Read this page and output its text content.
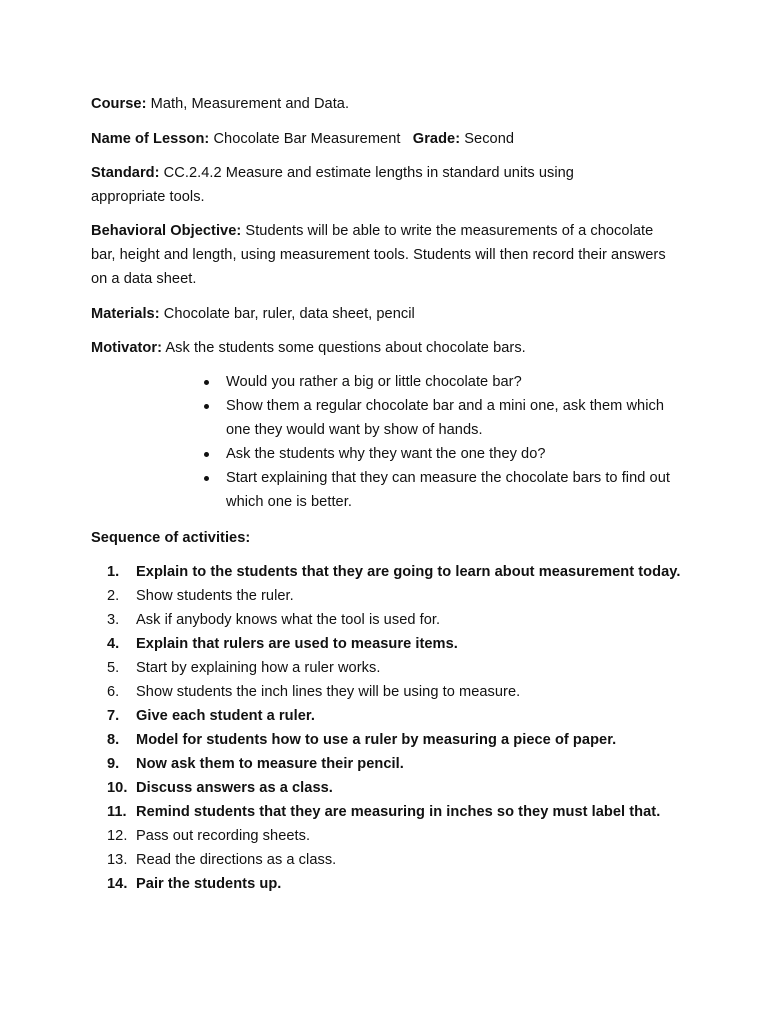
Course: Math, Measurement and Data.

Name of Lesson: Chocolate Bar Measurement Grade: Second

Standard: CC.2.4.2 Measure and estimate lengths in standard units using appropriate tools.

Behavioral Objective: Students will be able to write the measurements of a chocolate bar, height and length, using measurement tools. Students will then record their answers on a data sheet.

Materials: Chocolate bar, ruler, data sheet, pencil

Motivator: Ask the students some questions about chocolate bars.

Would you rather a big or little chocolate bar?
Show them a regular chocolate bar and a mini one, ask them which one they would want by show of hands.
Ask the students why they want the one they do?
Start explaining that they can measure the chocolate bars to find out which one is better.

Sequence of activities:

1. Explain to the students that they are going to learn about measurement today.
2. Show students the ruler.
3. Ask if anybody knows what the tool is used for.
4. Explain that rulers are used to measure items.
5. Start by explaining how a ruler works.
6. Show students the inch lines they will be using to measure.
7. Give each student a ruler.
8. Model for students how to use a ruler by measuring a piece of paper.
9. Now ask them to measure their pencil.
10. Discuss answers as a class.
11. Remind students that they are measuring in inches so they must label that.
12. Pass out recording sheets.
13. Read the directions as a class.
14. Pair the students up.
